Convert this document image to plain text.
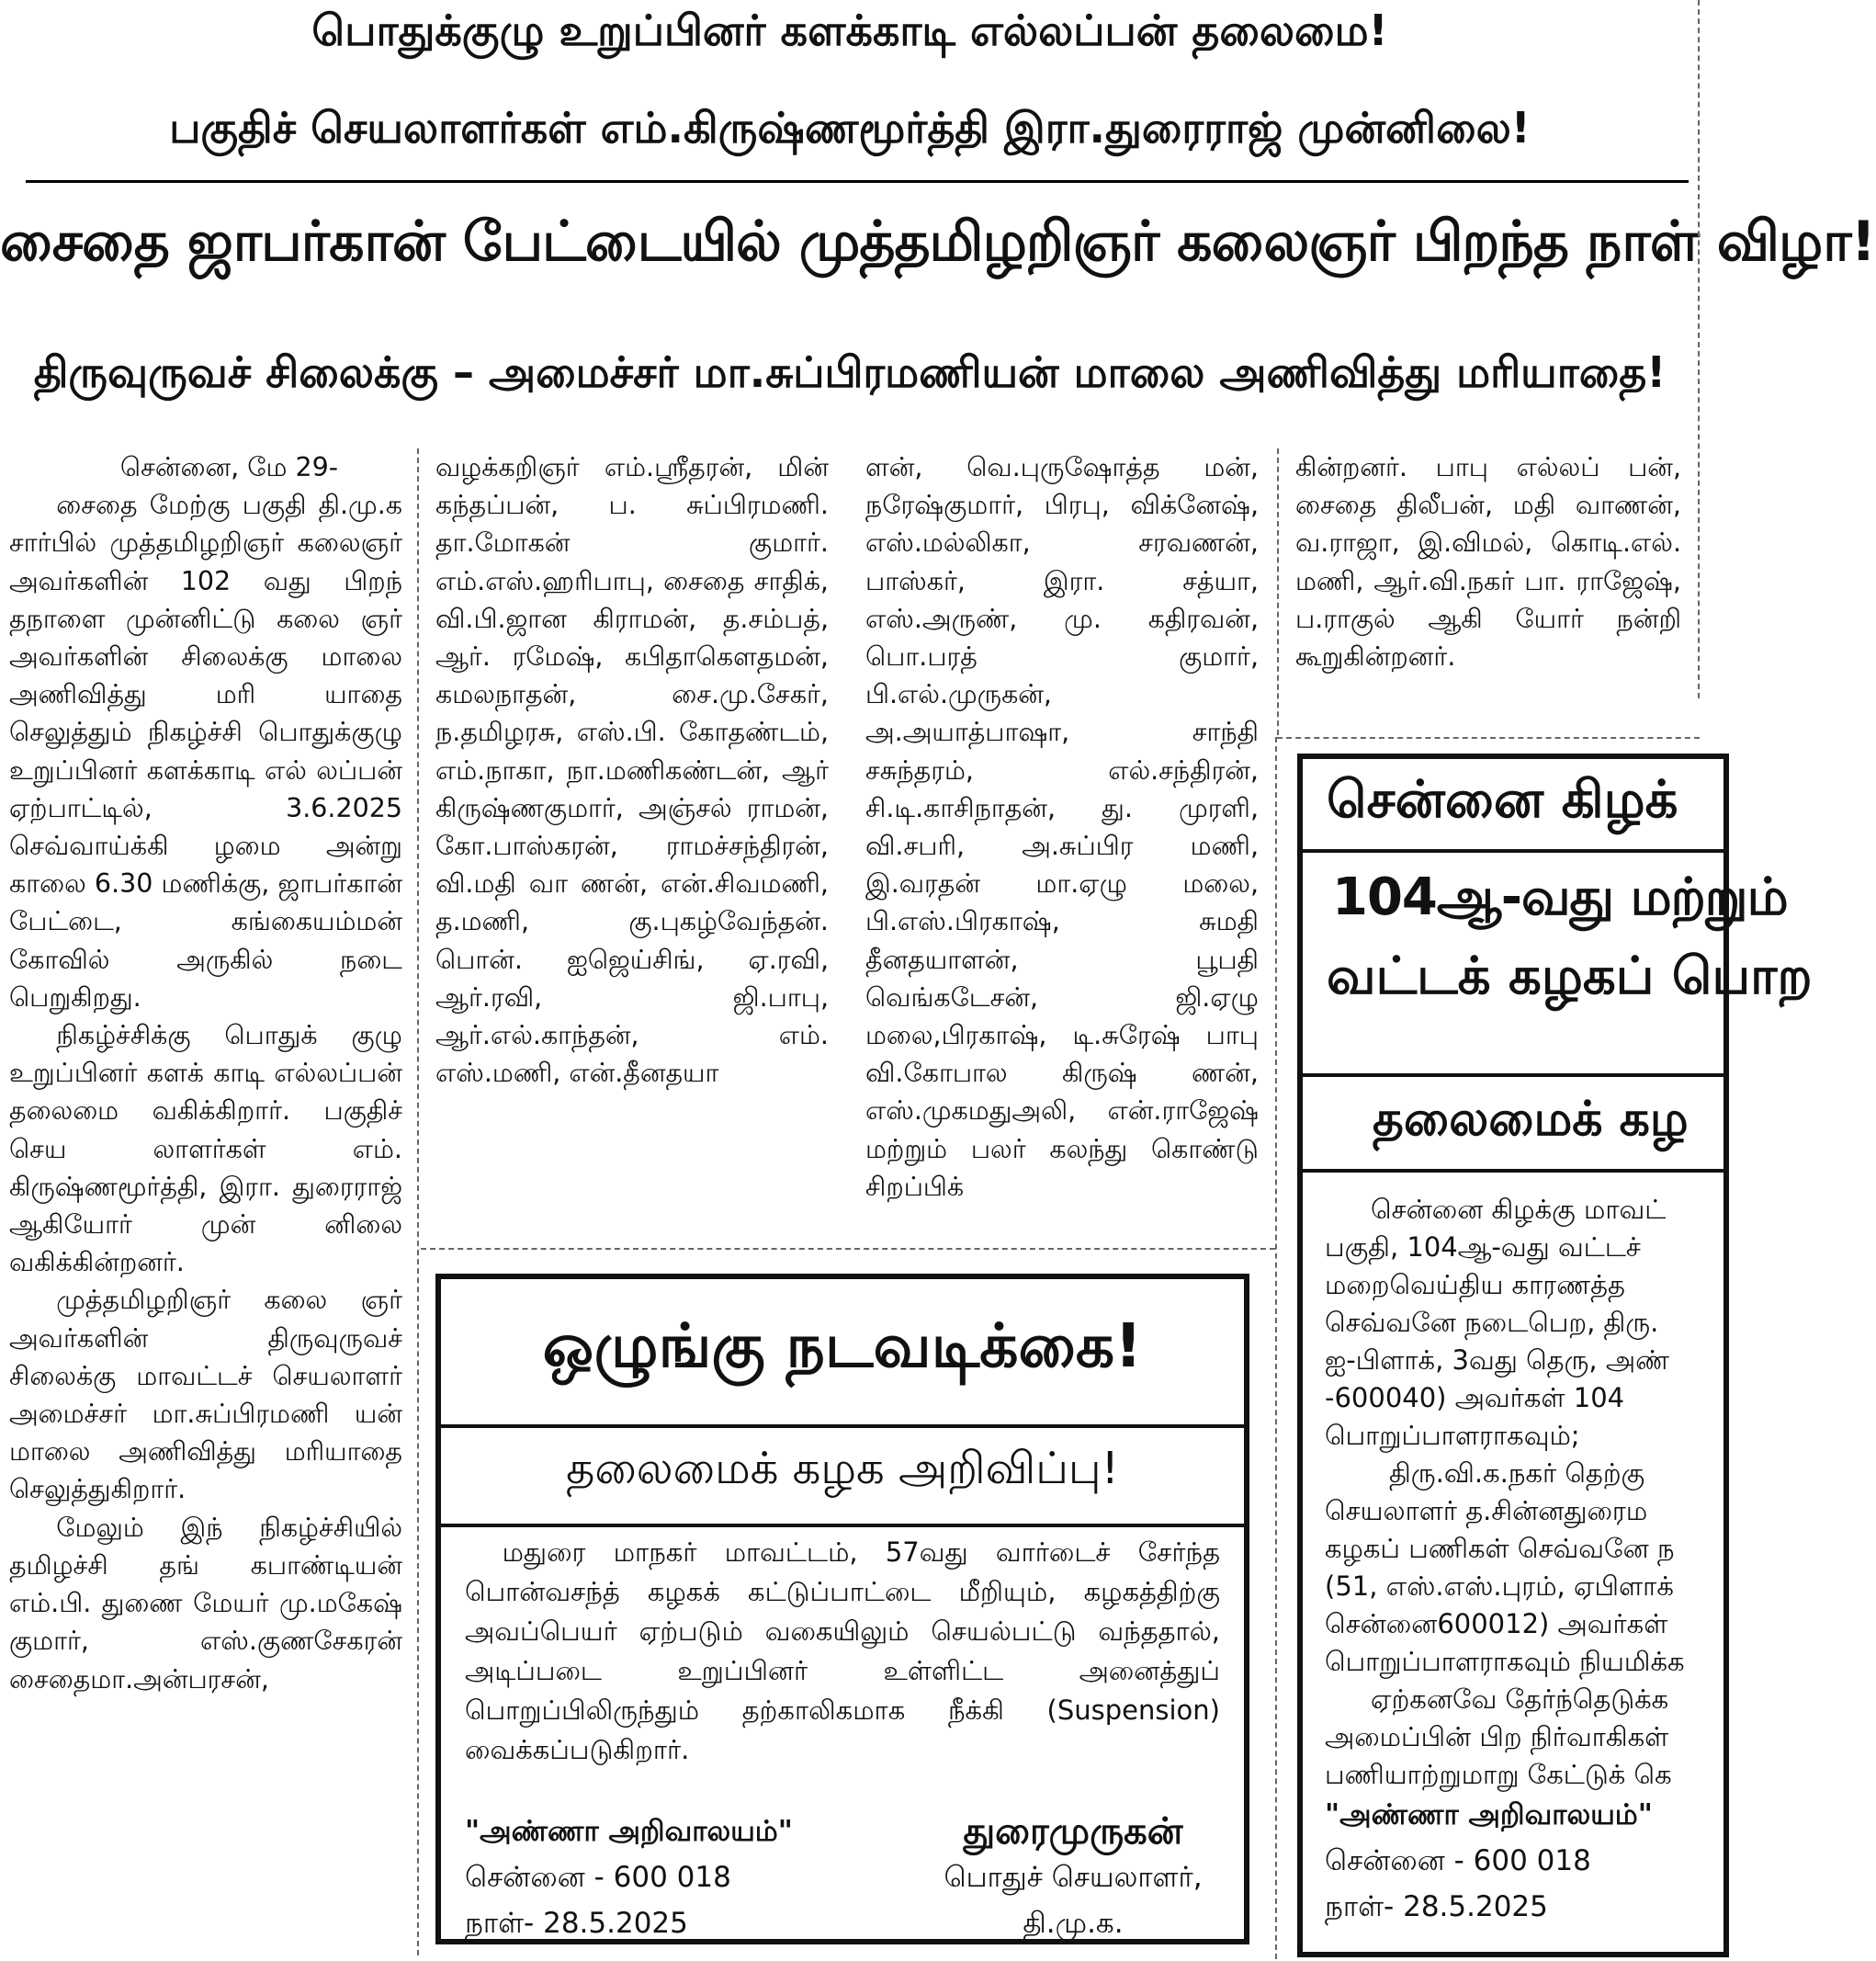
பொதுக்குழு உறுப்பினர் களக்காடி எல்லப்பன் தலைமை!
பகுதிச் செயலாளர்கள் எம்.கிருஷ்ணமூர்த்தி இரா.துரைராஜ் முன்னிலை!
சைதை ஜாபர்கான் பேட்டையில் முத்தமிழறிஞர் கலைஞர் பிறந்த நாள் விழா!
திருவுருவச் சிலைக்கு – அமைச்சர் மா.சுப்பிரமணியன் மாலை அணிவித்து மரியாதை!

சென்னை, மே 29-

சைதை மேற்கு பகுதி தி.மு.க சார்பில் முத்தமிழறிஞர் கலைஞர் அவர்களின் 102 வது பிறந் தநாளை முன்னிட்டு கலை ஞர் அவர்களின் சிலைக்கு மாலை அணிவித்து மரி யாதை செலுத்தும் நிகழ்ச்சி பொதுக்குழு உறுப்பினர் களக்காடி எல் லப்பன் ஏற்பாட்டில், 3.6.2025 செவ்வாய்க்கி ழமை அன்று காலை 6.30 மணிக்கு, ஜாபர்கான் பேட்டை, கங்கையம்மன் கோவில் அருகில் நடை பெறுகிறது.

நிகழ்ச்சிக்கு பொதுக் குழு உறுப்பினர் களக் காடி எல்லப்பன் தலைமை வகிக்கிறார். பகுதிச் செய லாளர்கள் எம். கிருஷ்ணமூர்த்தி, இரா. துரைராஜ் ஆகியோர் முன் னிலை வகிக்கின்றனர்.

முத்தமிழறிஞர் கலை ஞர் அவர்களின் திருவுருவச் சிலைக்கு மாவட்டச் செயலாளர் அமைச்சர் மா.சுப்பிரமணி யன் மாலை அணிவித்து மரியாதை செலுத்துகிறார்.

மேலும் இந் நிகழ்ச்சியில் தமிழச்சி தங் கபாண்டியன் எம்.பி. துணை மேயர் மு.மகேஷ் குமார், எஸ்.குணசேகரன் சைதைமா.அன்பரசன்,

வழக்கறிஞர் எம்.ஸ்ரீதரன், மின் கந்தப்பன், ப. சுப்பிரமணி. தா.மோகன் குமார். எம்.எஸ்.ஹரிபாபு, சைதை சாதிக், வி.பி.ஜான கிராமன், த.சம்பத், ஆர். ரமேஷ், கபிதாகௌதமன், கமலநாதன், சை.மு.சேகர், ந.தமிழரசு, எஸ்.பி. கோதண்டம், எம்.நாகா, நா.மணிகண்டன், ஆர் கிருஷ்ணகுமார், அஞ்சல் ராமன், கோ.பாஸ்கரன், ராமச்சந்திரன், வி.மதி வா ணன், என்.சிவமணி, த.மணி, கு.புகழ்வேந்தன். பொன். ஐஜெய்சிங், ஏ.ரவி, ஆர்.ரவி, ஜி.பாபு, ஆர்.எல்.காந்தன், எம். எஸ்.மணி, என்.தீனதயா

ளன், வெ.புருஷோத்த மன், நரேஷ்குமார், பிரபு, விக்னேஷ், எஸ்.மல்லிகா, சரவணன், பாஸ்கர், இரா. சத்யா, எஸ்.அருண், மு. கதிரவன், பொ.பரத் குமார், பி.எல்.முருகன், அ.அயாத்பாஷா, சாந்தி சசுந்தரம், எல்.சந்திரன், சி.டி.காசிநாதன், து. முரளி, வி.சபரி, அ.சுப்பிர மணி, இ.வரதன் மா.ஏழு மலை, பி.எஸ்.பிரகாஷ், சுமதி தீனதயாளன், பூபதி வெங்கடேசன், ஜி.ஏழு மலை,பிரகாஷ், டி.சுரேஷ் பாபு வி.கோபால கிருஷ் ணன், எஸ்.முகமதுஅலி, என்.ராஜேஷ் மற்றும் பலர் கலந்து கொண்டு சிறப்பிக்

கின்றனர். பாபு எல்லப் பன், சைதை திலீபன், மதி வாணன், வ.ராஜா, இ.விமல், கொடி.எல். மணி, ஆர்.வி.நகர் பா. ராஜேஷ், ப.ராகுல் ஆகி யோர் நன்றி கூறுகின்றனர்.

ஒழுங்கு நடவடிக்கை!
தலைமைக் கழக அறிவிப்பு!

மதுரை மாநகர் மாவட்டம், 57வது வார்டைச் சேர்ந்த பொன்வசந்த் கழகக் கட்டுப்பாட்டை மீறியும், கழகத்திற்கு அவப்பெயர் ஏற்படும் வகையிலும் செயல்பட்டு வந்ததால், அடிப்படை உறுப்பினர் உள்ளிட்ட அனைத்துப் பொறுப்பிலிருந்தும் தற்காலிகமாக நீக்கி (Suspension) வைக்கப்படுகிறார்.

"அண்ணா அறிவாலயம்"
சென்னை - 600 018
நாள்- 28.5.2025
துரைமுருகன்
பொதுச் செயலாளர்,
தி.மு.க.
சென்னை கிழக்
104ஆ-வது மற்றும்
வட்டக் கழகப் பொற
தலைமைக் கழ

சென்னை கிழக்கு மாவட்

பகுதி, 104ஆ-வது வட்டச்

மறைவெய்திய காரணத்த

செவ்வனே நடைபெற, திரு.

ஐ-பிளாக், 3வது தெரு, அண்

-600040) அவர்கள் 104

பொறுப்பாளராகவும்;

திரு.வி.க.நகர் தெற்கு

செயலாளர் த.சின்னதுரைம

கழகப் பணிகள் செவ்வனே ந

(51, எஸ்.எஸ்.புரம், ஏபிளாக்

சென்னை600012) அவர்கள்

பொறுப்பாளராகவும் நியமிக்க

ஏற்கனவே தேர்ந்தெடுக்க

அமைப்பின் பிற நிர்வாகிகள்

பணியாற்றுமாறு கேட்டுக் கெ

"அண்ணா அறிவாலயம்"
சென்னை - 600 018
நாள்- 28.5.2025
